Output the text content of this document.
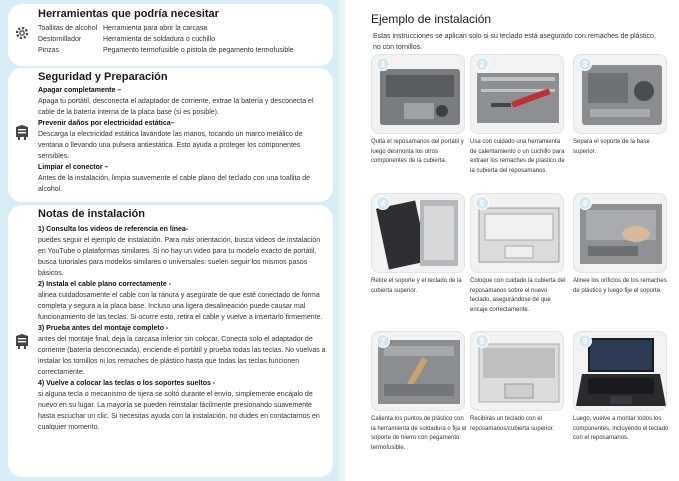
Herramientas que podría necesitar
Toallitas de alcohol Herramienta para abrir la carcasa
Destornillador	Herramienta de soldadura o cuchillo
Pinzas	Pegamento termofusible o pistola de pegamento termofusible
Seguridad y Preparación
Apagar completamente –
Apaga tu portátil, desconecta el adaptador de corriente, extrae la batería y desconecta el cable de la batería interna de la placa base (si es posible).
Prevenir daños por electricidad estática–
Descarga la electricidad estática lavándote las manos, tocando un marco metálico de ventana o llevando una pulsera antiestática. Esto ayuda a proteger los componentes sensibles.
Limpiar el conector –
Antes de la instalación, limpia suavemente el cable plano del teclado con una toallita de alcohol.
Notas de instalación
1) Consulta los videos de referencia en línea-
puedes seguir el ejemplo de instalación. Para más orientación, busca videos de instalación en YouTube o plataformas similares. Si no hay un video para tu modelo exacto de portátil, busca tutoriales para modelos similares o universales: suelen seguir los mismos pasos básicos.
2) Instala el cable plano correctamente -
alinea cuidadosamente el cable con la ranura y asegúrate de que esté conectado de forma completa y segura a la placa base. Incluso una ligera desalineación puede causar mal funcionamiento de las teclas. Si ocurre esto, retira el cable y vuelve a insertarlo firmemente.
3) Prueba antes del montaje completo -
antes del montaje final, deja la carcasa inferior sin colocar. Conecta solo el adaptador de corriente (batería desconectada), enciende el portátil y prueba todas las teclas. No vuelvas a instalar los tornillos ni los remaches de plástico hasta que todas las teclas funcionen correctamente.
4) Vuelve a colocar las teclas o los soportes sueltos -
si alguna tecla o mecanismo de tijera se soltó durante el envío, simplemente encájalo de nuevo en su lugar. La mayoría se pueden reinstalar fácilmente presionando suavemente hasta escuchar un clic. Si necesitas ayuda con la instalación, no dudes en contactarnos en cualquier momento.
Ejemplo de instalación
Estas instrucciones se aplican solo si su teclado está asegurado con remaches de plástico, no con tornillos.
1
Quita el reposamanos del portátil y luego desmonta los otros componentes de la cubierta.
2
Usa con cuidado una herramienta de calentamiento o un cuchillo para extraer los remaches de plástico de la cubierta del reposamanos.
3
Separa el soporte de la base superior.
4
Retire el soporte y el teclado de la cubierta superior.
5
Coloque con cuidado la cubierta del reposamanos sobre el nuevo teclado, asegurándose de que encaje correctamente.
6
Alinee los orificios de los remaches de plástico y luego fije el soporte.
7
Calienta los puntos de plástico con la herramienta de soldadura o fija el soporte de hierro con pegamento termofusible.
8
Recibirás un teclado con el reposamanos/cubierta superior.
9
Luego, vuelve a montar todos los componentes, incluyendo el teclado con el reposamanos.
